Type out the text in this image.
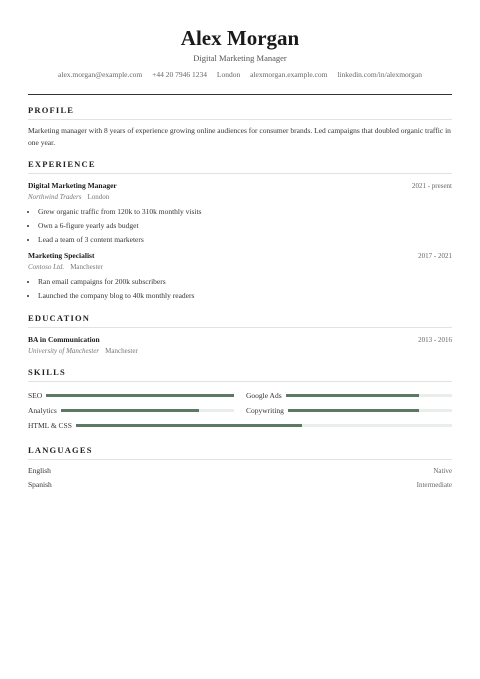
Alex Morgan
Digital Marketing Manager
alex.morgan@example.com +44 20 7946 1234 London alexmorgan.example.com linkedin.com/in/alexmorgan
PROFILE
Marketing manager with 8 years of experience growing online audiences for consumer brands. Led campaigns that doubled organic traffic in one year.
EXPERIENCE
Digital Marketing Manager	2021 - present
Northwind Traders London
• Grew organic traffic from 120k to 310k monthly visits
• Own a 6-figure yearly ads budget
• Lead a team of 3 content marketers
Marketing Specialist	2017 - 2021
Contoso Ltd. Manchester
• Ran email campaigns for 200k subscribers
• Launched the company blog to 40k monthly readers
EDUCATION
BA in Communication	2013 - 2016
University of Manchester Manchester
SKILLS
SEO	Google Ads
Analytics	Copywriting
HTML & CSS
LANGUAGES
English	Native
Spanish	Intermediate
